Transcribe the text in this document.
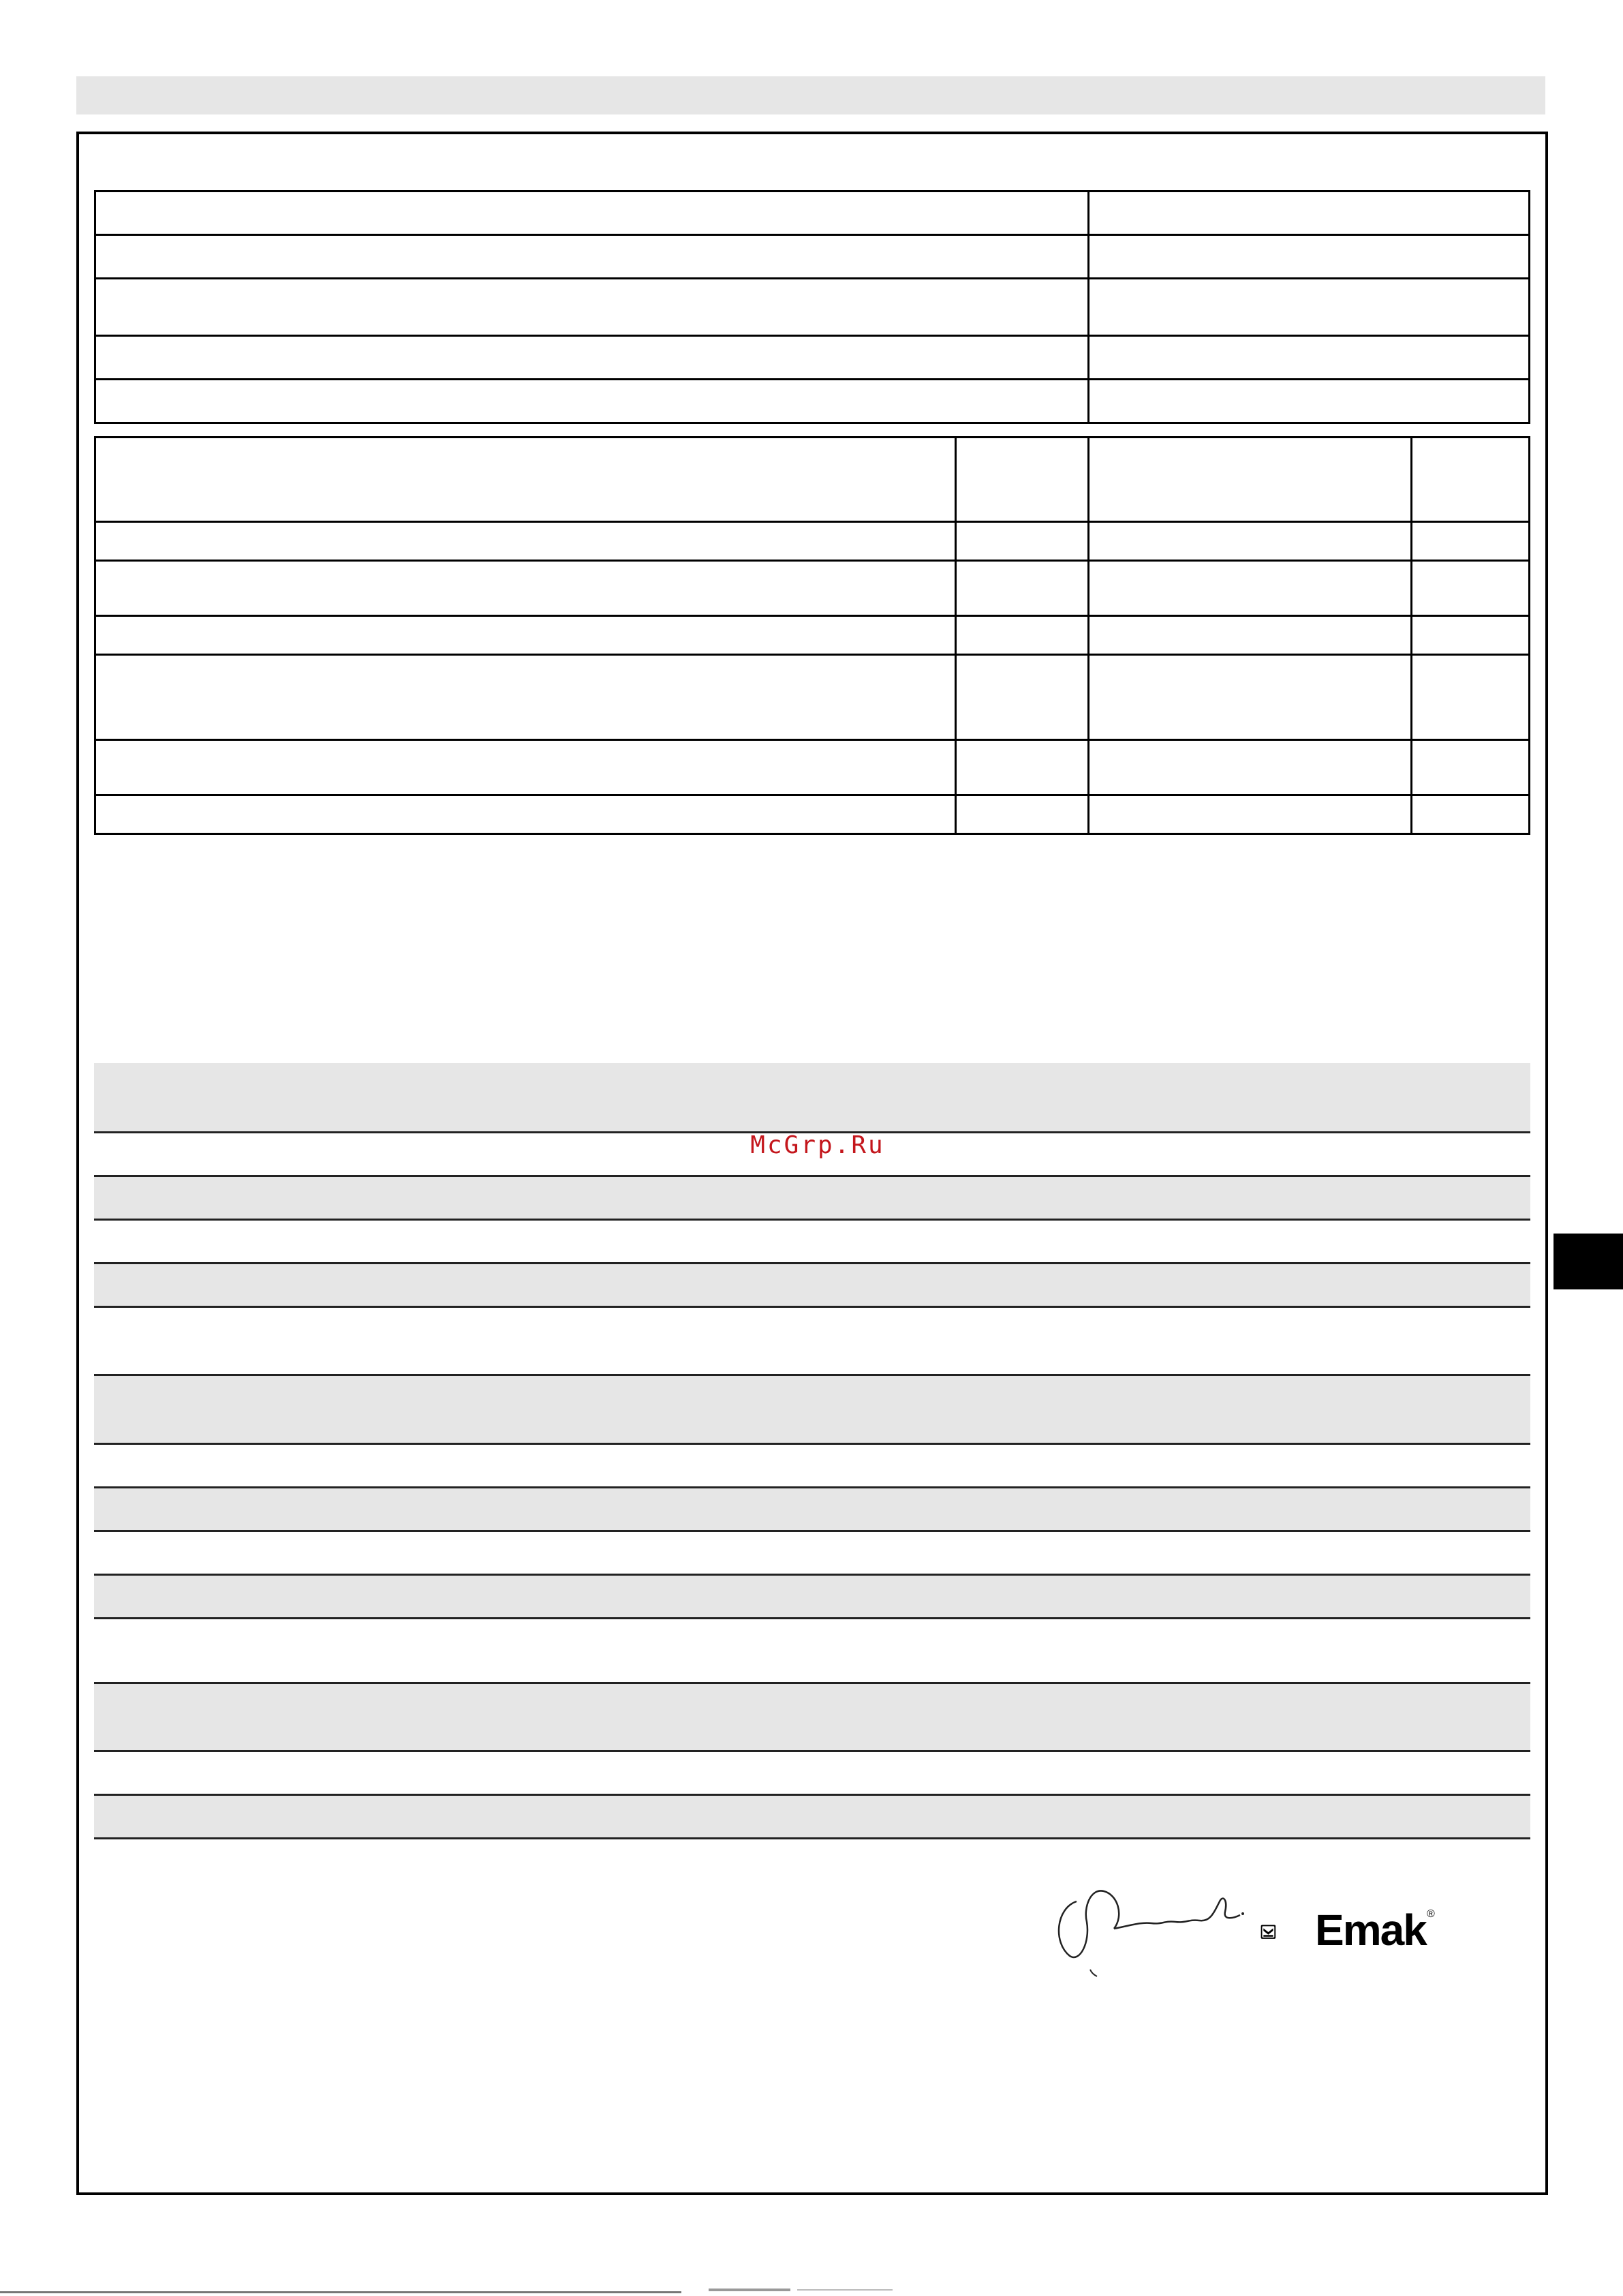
McGrp.Ru
Emak ®
